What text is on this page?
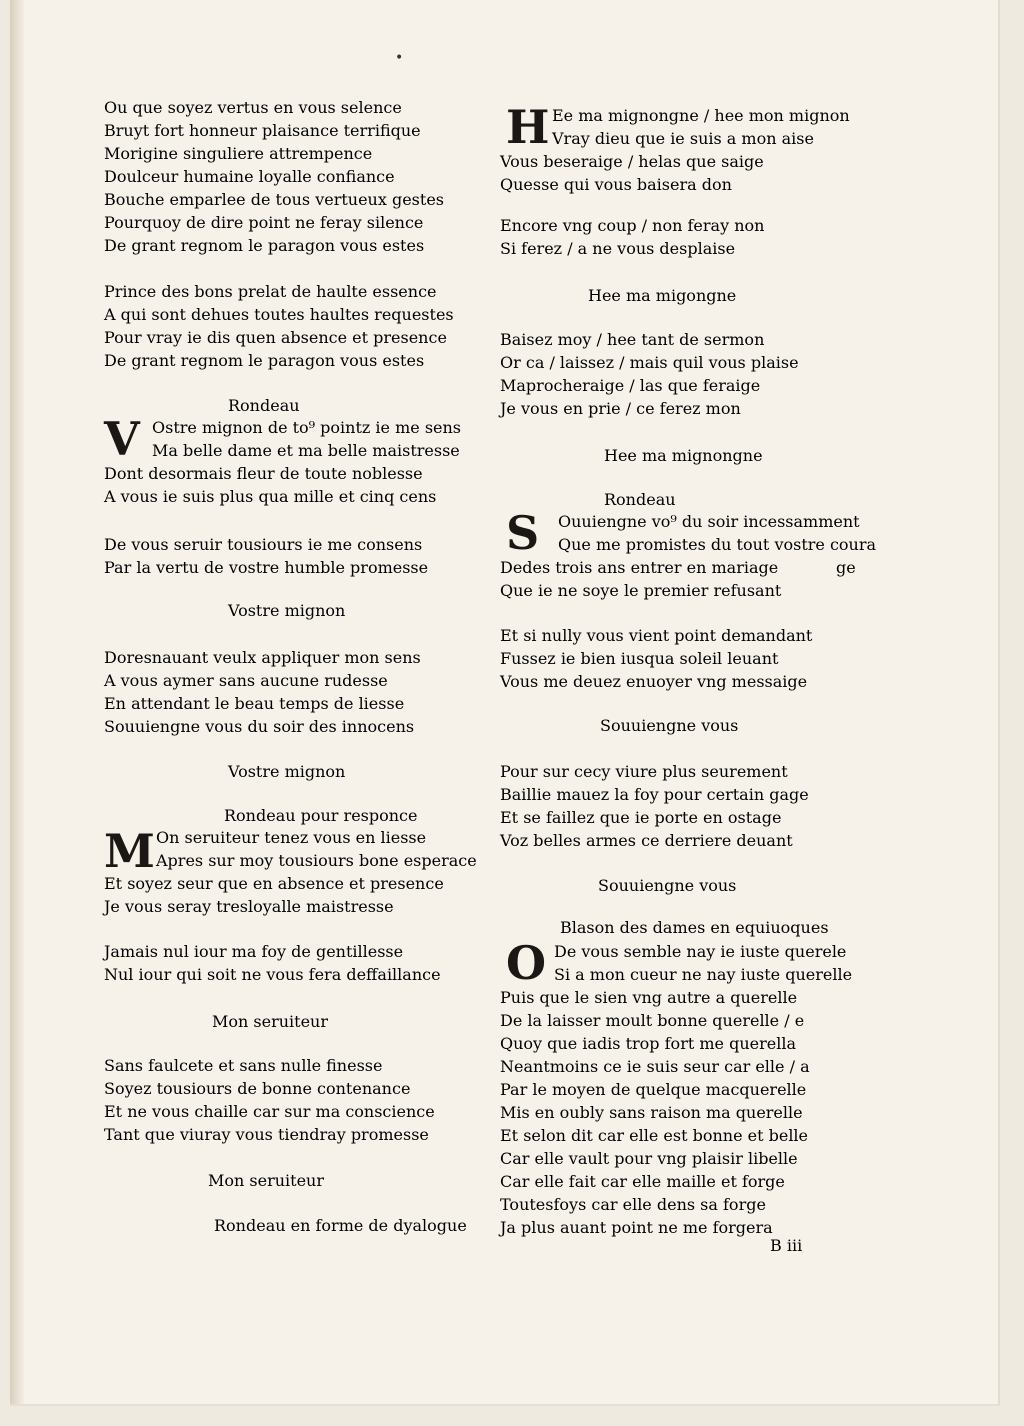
Ou que soyez vertus en vous selence
Bruyt fort honneur plaisance terrifique
Morigine singuliere attrempence
Doulceur humaine loyalle confiance
Bouche emparlee de tous vertueux gestes
Pourquoy de dire point ne feray silence
De grant regnom le paragon vous estes
Prince des bons prelat de haulte essence
A qui sont dehues toutes haultes requestes
Pour vray ie dis quen absence et presence
De grant regnom le paragon vous estes
Rondeau
V Ostre mignon de to⁹ pointz ie me sens
Ma belle dame et ma belle maistresse
Dont desormais fleur de toute noblesse
A vous ie suis plus qua mille et cinq cens
De vous seruir tousiours ie me consens
Par la vertu de vostre humble promesse
Vostre mignon
Doresnauant veulx appliquer mon sens
A vous aymer sans aucune rudesse
En attendant le beau temps de liesse
Souuiengne vous du soir des innocens
Vostre mignon
Rondeau pour responce
M On seruiteur tenez vous en liesse
Apres sur moy tousiours bone esperace
Et soyez seur que en absence et presence
Je vous seray tresloyalle maistresse
Jamais nul iour ma foy de gentillesse
Nul iour qui soit ne vous fera deffaillance
Mon seruiteur
Sans faulcete et sans nulle finesse
Soyez tousiours de bonne contenance
Et ne vous chaille car sur ma conscience
Tant que viuray vous tiendray promesse
Mon seruiteur
Rondeau en forme de dyalogue
H Ee ma mignongne / hee mon mignon
Vray dieu que ie suis a mon aise
Vous beseraige / helas que saige
Quesse qui vous baisera don
Encore vng coup / non feray non
Si ferez / a ne vous desplaise
Hee ma migongne
Baisez moy / hee tant de sermon
Or ca / laissez / mais quil vous plaise
Maprocheraige / las que feraige
Je vous en prie / ce ferez mon
Hee ma mignongne
Rondeau
S Ouuiengne vo⁹ du soir incessamment
Que me promistes du tout vostre coura
Dedes trois ans entrer en mariage
Que ie ne soye le premier refusant
ge
Et si nully vous vient point demandant
Fussez ie bien iusqua soleil leuant
Vous me deuez enuoyer vng messaige
Souuiengne vous
Pour sur cecy viure plus seurement
Baillie mauez la foy pour certain gage
Et se faillez que ie porte en ostage
Voz belles armes ce derriere deuant
Souuiengne vous
Blason des dames en equiuoques
O De vous semble nay ie iuste querele
Si a mon cueur ne nay iuste querelle
Puis que le sien vng autre a querelle
De la laisser moult bonne querelle / e
Quoy que iadis trop fort me querella
Neantmoins ce ie suis seur car elle / a
Par le moyen de quelque macquerelle
Mis en oubly sans raison ma querelle
Et selon dit car elle est bonne et belle
Car elle vault pour vng plaisir libelle
Car elle fait car elle maille et forge
Toutesfoys car elle dens sa forge
Ja plus auant point ne me forgera
B iii
•
